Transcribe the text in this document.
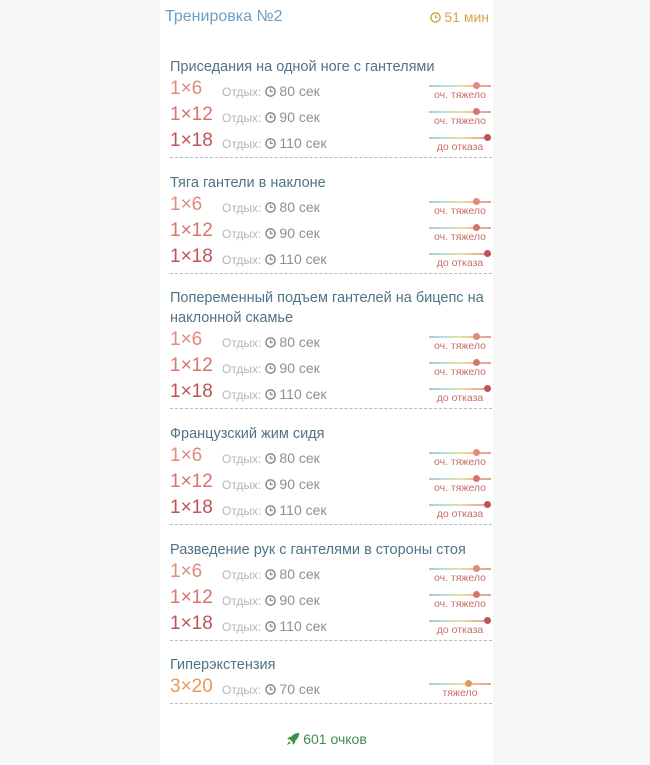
Тренировка №2	51 мин
Приседания на одной ноге с гантелями
1×6 Отдых: 80 сек	оч. тяжело
1×12 Отдых: 90 сек	оч. тяжело
1×18 Отдых: 110 сек	до отказа
Тяга гантели в наклоне
1×6 Отдых: 80 сек	оч. тяжело
1×12 Отдых: 90 сек	оч. тяжело
1×18 Отдых: 110 сек	до отказа
Попеременный подъем гантелей на бицепс на наклонной скамье
1×6 Отдых: 80 сек	оч. тяжело
1×12 Отдых: 90 сек	оч. тяжело
1×18 Отдых: 110 сек	до отказа
Французский жим сидя
1×6 Отдых: 80 сек	оч. тяжело
1×12 Отдых: 90 сек	оч. тяжело
1×18 Отдых: 110 сек	до отказа
Разведение рук с гантелями в стороны стоя
1×6 Отдых: 80 сек	оч. тяжело
1×12 Отдых: 90 сек	оч. тяжело
1×18 Отдых: 110 сек	до отказа
Гиперэкстензия
3×20 Отдых: 70 сек	тяжело
601 очков
